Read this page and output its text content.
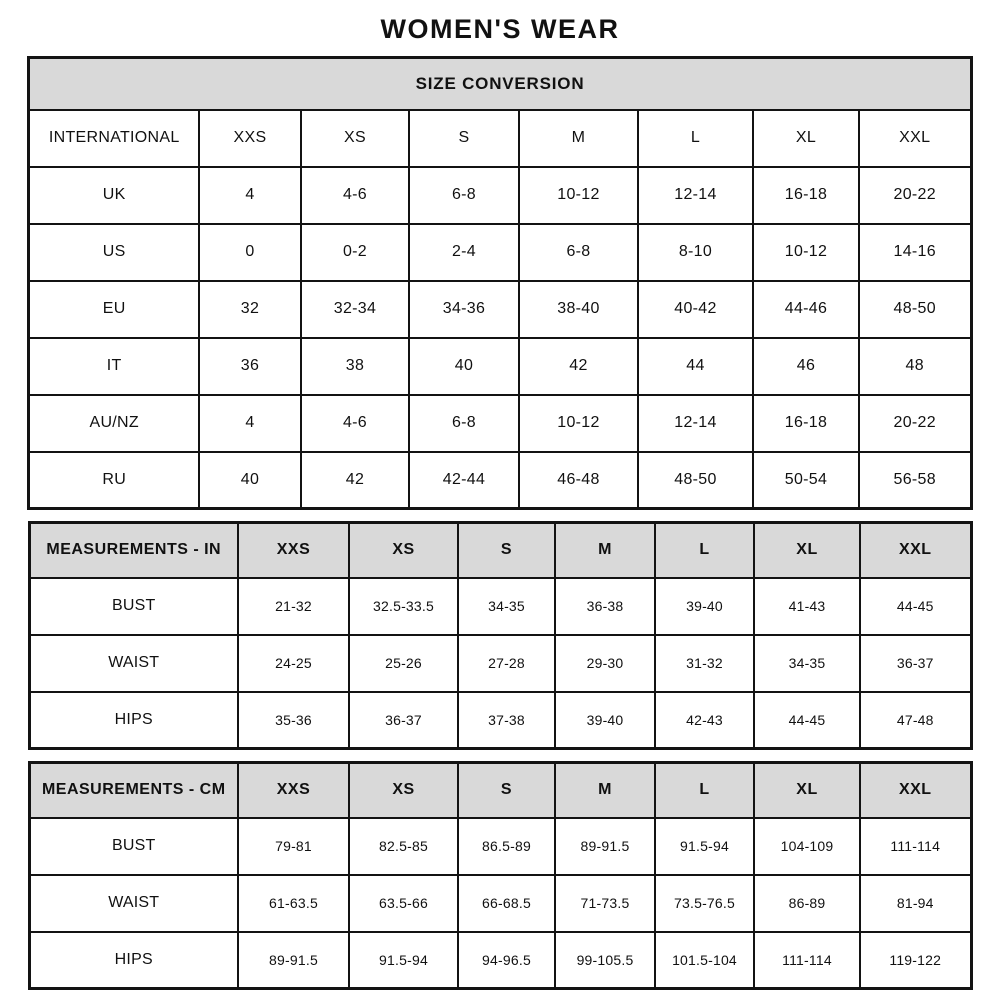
WOMEN'S WEAR
SIZE CONVERSION							
INTERNATIONAL	XXS	XS	S	M	L	XL	XXL
UK	4	4-6	6-8	10-12	12-14	16-18	20-22
US	0	0-2	2-4	6-8	8-10	10-12	14-16
EU	32	32-34	34-36	38-40	40-42	44-46	48-50
IT	36	38	40	42	44	46	48
AU/NZ	4	4-6	6-8	10-12	12-14	16-18	20-22
RU	40	42	42-44	46-48	48-50	50-54	56-58
MEASUREMENTS - IN	XXS	XS	S	M	L	XL	XXL
BUST	21-32	32.5-33.5	34-35	36-38	39-40	41-43	44-45
WAIST	24-25	25-26	27-28	29-30	31-32	34-35	36-37
HIPS	35-36	36-37	37-38	39-40	42-43	44-45	47-48
MEASUREMENTS - CM	XXS	XS	S	M	L	XL	XXL
BUST	79-81	82.5-85	86.5-89	89-91.5	91.5-94	104-109	111-114
WAIST	61-63.5	63.5-66	66-68.5	71-73.5	73.5-76.5	86-89	81-94
HIPS	89-91.5	91.5-94	94-96.5	99-105.5	101.5-104	111-114	119-122
